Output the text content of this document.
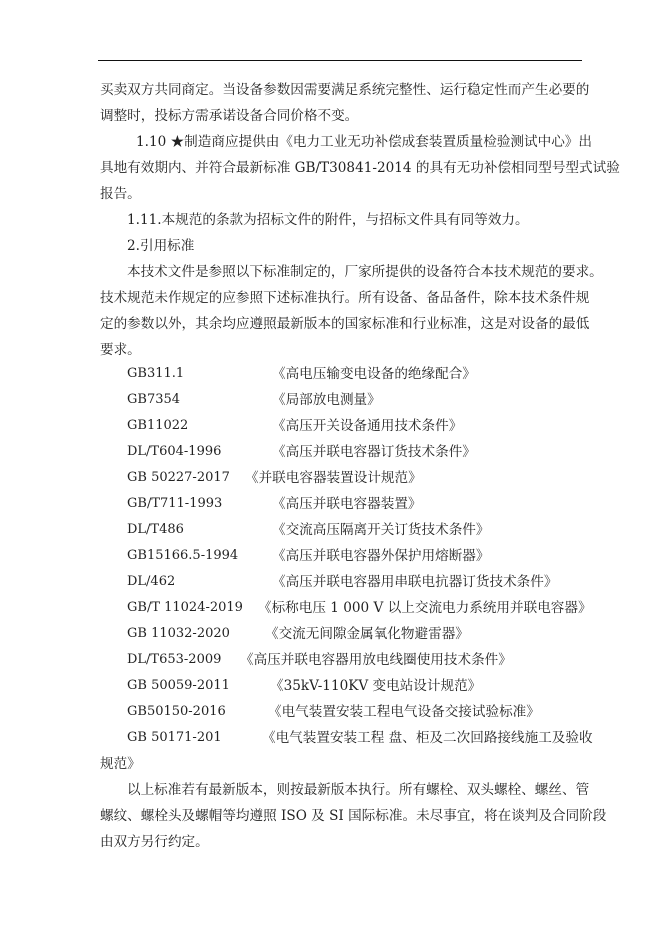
买卖双方共同商定。当设备参数因需要满足系统完整性、运行稳定性而产生必要的
调整时，投标方需承诺设备合同价格不变。
1.10 ★制造商应提供由《电力工业无功补偿成套装置质量检验测试中心》出
具地有效期内、并符合最新标准 GB/T30841-2014 的具有无功补偿相同型号型式试验
报告。
1.11.本规范的条款为招标文件的附件，与招标文件具有同等效力。
2.引用标准
本技术文件是参照以下标准制定的，厂家所提供的设备符合本技术规范的要求。
技术规范未作规定的应参照下述标准执行。所有设备、备品备件，除本技术条件规
定的参数以外，其余均应遵照最新版本的国家标准和行业标准，这是对设备的最低
要求。
GB311.1	《高电压输变电设备的绝缘配合》
GB7354	《局部放电测量》
GB11022	《高压开关设备通用技术条件》
DL/T604-1996	《高压并联电容器订货技术条件》
GB 50227-2017 《并联电容器装置设计规范》
GB/T711-1993	《高压并联电容器装置》
DL/T486	《交流高压隔离开关订货技术条件》
GB15166.5-1994 《高压并联电容器外保护用熔断器》
DL/462	《高压并联电容器用串联电抗器订货技术条件》
GB/T 11024-2019 《标称电压 1 000 V 以上交流电力系统用并联电容器》
GB 11032-2020	《交流无间隙金属氧化物避雷器》
DL/T653-2009 《高压并联电容器用放电线圈使用技术条件》
GB 50059-2011	《35kV-110KV 变电站设计规范》
GB50150-2016	《电气装置安装工程电气设备交接试验标准》
GB 50171-201	《电气装置安装工程 盘、柜及二次回路接线施工及验收
规范》
以上标准若有最新版本，则按最新版本执行。所有螺栓、双头螺栓、螺丝、管
螺纹、螺栓头及螺帽等均遵照 ISO 及 SI 国际标准。未尽事宜，将在谈判及合同阶段
由双方另行约定。
